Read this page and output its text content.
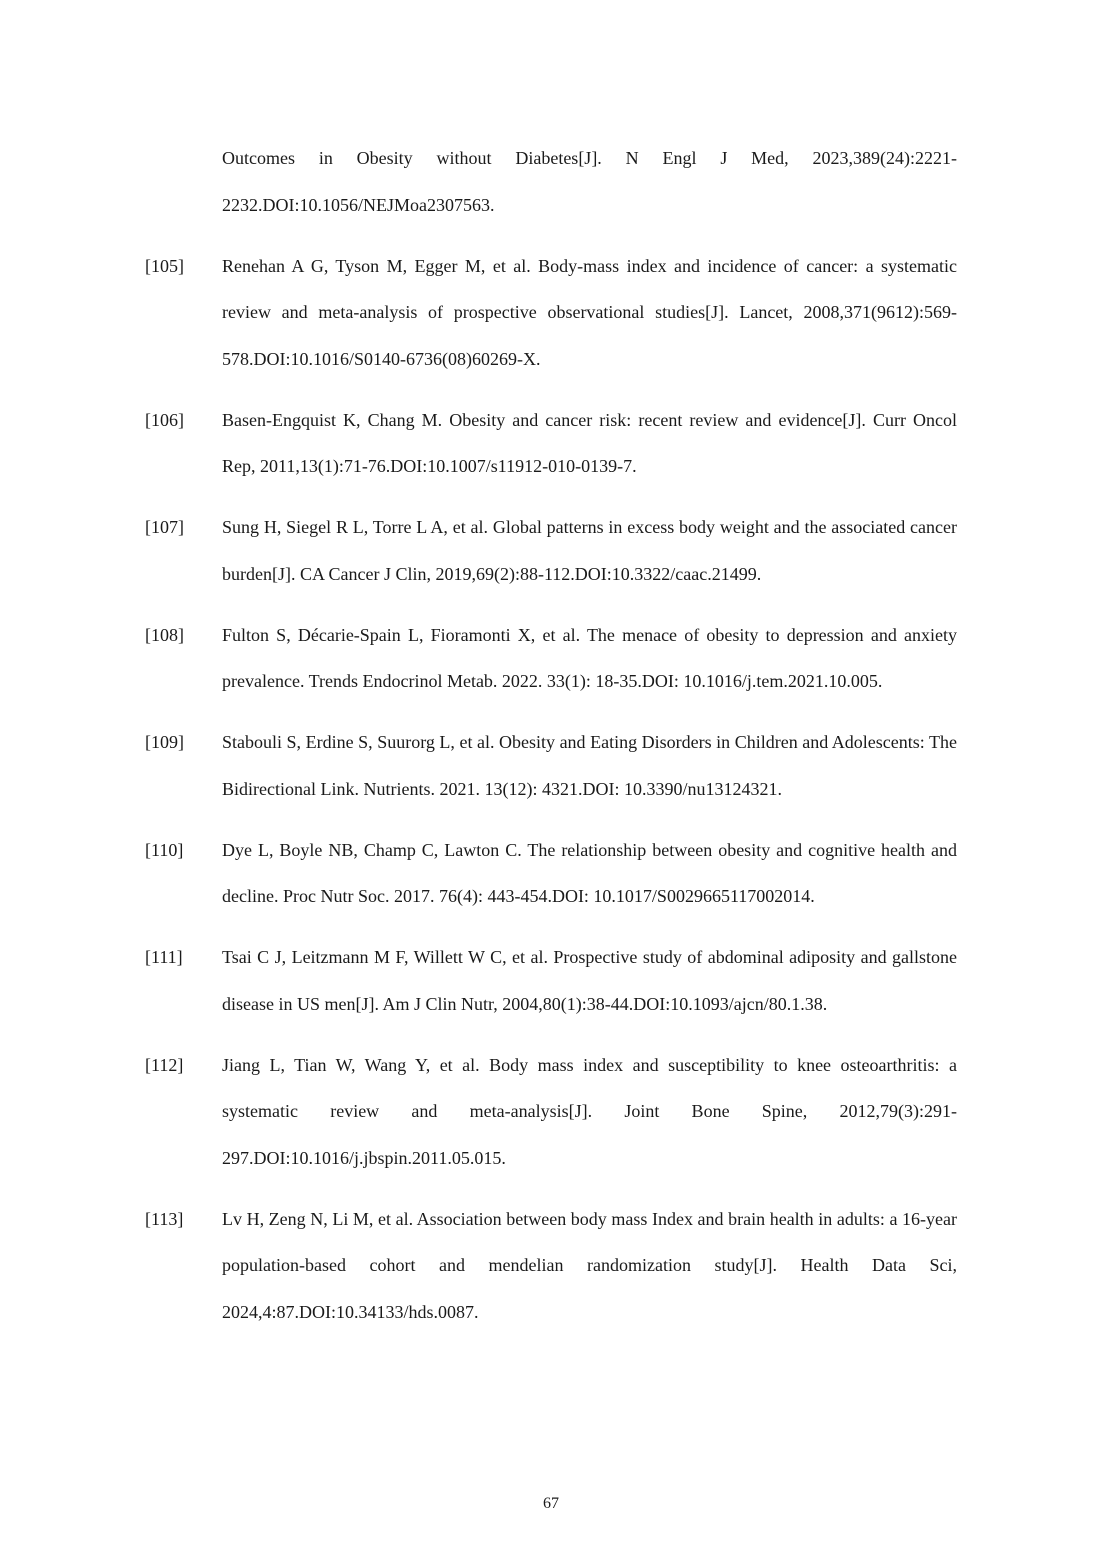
Outcomes in Obesity without Diabetes[J]. N Engl J Med, 2023,389(24):2221-2232.DOI:10.1056/NEJMoa2307563.
[105]	Renehan A G, Tyson M, Egger M, et al. Body-mass index and incidence of cancer: a systematic review and meta-analysis of prospective observational studies[J]. Lancet, 2008,371(9612):569-578.DOI:10.1016/S0140-6736(08)60269-X.
[106]	Basen-Engquist K, Chang M. Obesity and cancer risk: recent review and evidence[J]. Curr Oncol Rep, 2011,13(1):71-76.DOI:10.1007/s11912-010-0139-7.
[107]	Sung H, Siegel R L, Torre L A, et al. Global patterns in excess body weight and the associated cancer burden[J]. CA Cancer J Clin, 2019,69(2):88-112.DOI:10.3322/caac.21499.
[108]	Fulton S, Décarie-Spain L, Fioramonti X, et al. The menace of obesity to depression and anxiety prevalence. Trends Endocrinol Metab. 2022. 33(1): 18-35.DOI: 10.1016/j.tem.2021.10.005.
[109]	Stabouli S, Erdine S, Suurorg L, et al. Obesity and Eating Disorders in Children and Adolescents: The Bidirectional Link. Nutrients. 2021. 13(12): 4321.DOI: 10.3390/nu13124321.
[110]	Dye L, Boyle NB, Champ C, Lawton C. The relationship between obesity and cognitive health and decline. Proc Nutr Soc. 2017. 76(4): 443-454.DOI: 10.1017/S0029665117002014.
[111]	Tsai C J, Leitzmann M F, Willett W C, et al. Prospective study of abdominal adiposity and gallstone disease in US men[J]. Am J Clin Nutr, 2004,80(1):38-44.DOI:10.1093/ajcn/80.1.38.
[112]	Jiang L, Tian W, Wang Y, et al. Body mass index and susceptibility to knee osteoarthritis: a systematic review and meta-analysis[J]. Joint Bone Spine, 2012,79(3):291-297.DOI:10.1016/j.jbspin.2011.05.015.
[113]	Lv H, Zeng N, Li M, et al. Association between body mass Index and brain health in adults: a 16-year population-based cohort and mendelian randomization study[J]. Health Data Sci, 2024,4:87.DOI:10.34133/hds.0087.
67
